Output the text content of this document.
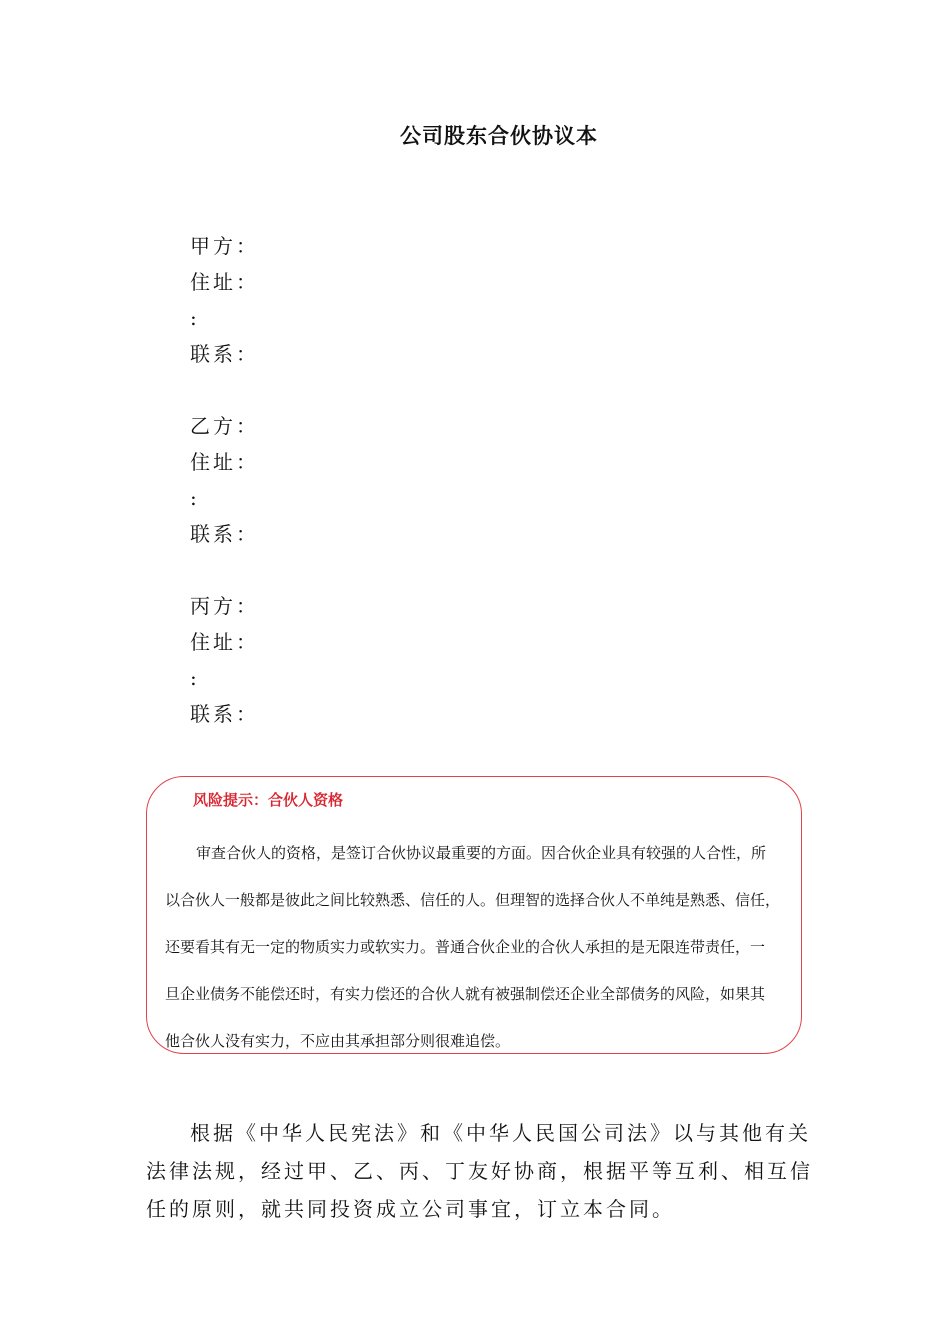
公司股东合伙协议本
甲方：
住址：
:
联系：
乙方：
住址：
:
联系：
丙方：
住址：
:
联系：
风险提示：合伙人资格
审查合伙人的资格，是签订合伙协议最重要的方面。因合伙企业具有较强的人合性，所
以合伙人一般都是彼此之间比较熟悉、信任的人。但理智的选择合伙人不单纯是熟悉、信任，
还要看其有无一定的物质实力或软实力。普通合伙企业的合伙人承担的是无限连带责任，一
旦企业债务不能偿还时，有实力偿还的合伙人就有被强制偿还企业全部债务的风险，如果其
他合伙人没有实力，不应由其承担部分则很难追偿。
根据《中华人民宪法》和《中华人民国公司法》以与其他有关
法律法规，经过甲、乙、丙、丁友好协商，根据平等互利、相互信
任的原则，就共同投资成立公司事宜，订立本合同。
